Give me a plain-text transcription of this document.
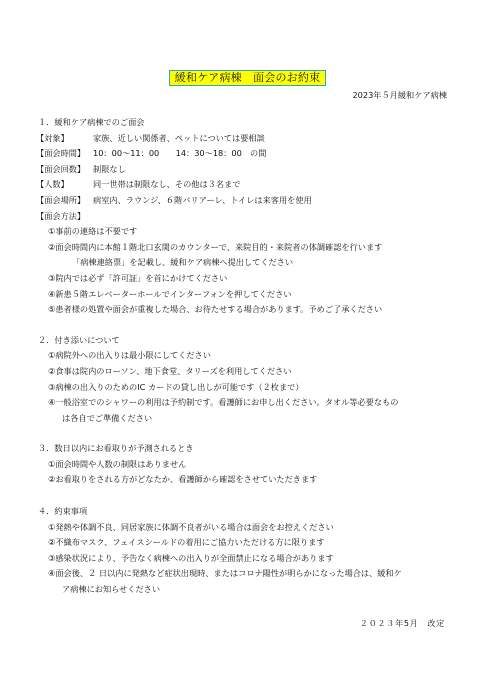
緩和ケア病棟　面会のお約束
2023年５月緩和ケア病棟
１．緩和ケア病棟でのご面会
【対象】	家族、近しい関係者、ペットについては要相談
【面会時間】 10：00〜11：00　　14：30〜18：00　の間
【面会回数】 制限なし
【人数】	同一世帯は制限なし、その他は３名まで
【面会場所】 病室内、ラウンジ、６階バリアーレ、トイレは来客用を使用
【面会方法】
①事前の連絡は不要です
②面会時間内に本館１階北口玄関のカウンターで、来院目的・来院者の体調確認を行います
「病棟連絡票」を記載し、緩和ケア病棟へ提出してください
③院内では必ず「許可証」を首にかけてください
④新患５階エレベーターホールでインターフォンを押してください
⑤患者様の処置や面会が重複した場合、お待たせする場合があります。予めご了承ください
２．付き添いについて
①病院外への出入りは最小限にしてください
②食事は院内のローソン、地下食堂、タリーズを利用してください
③病棟の出入りのためのIC カードの貸し出しが可能です（２枚まで）
④一般浴室でのシャワーの利用は予約制です。看護師にお申し出ください。タオル等必要なもの
は各自でご準備ください
３．数日以内にお看取りが予測されるとき
①面会時間や人数の制限はありません
②お看取りをされる方がどなたか、看護師から確認をさせていただきます
４．約束事項
①発熱や体調不良、同居家族に体調不良者がいる場合は面会をお控えください
②不織布マスク、フェイスシールドの着用にご協力いただける方に限ります
③感染状況により、予告なく病棟への出入りが全面禁止になる場合があります
④面会後、２ 日以内に発熱など症状出現時、またはコロナ陽性が明らかになった場合は、緩和ケ
ア病棟にお知らせください
２０２３年5月　改定
